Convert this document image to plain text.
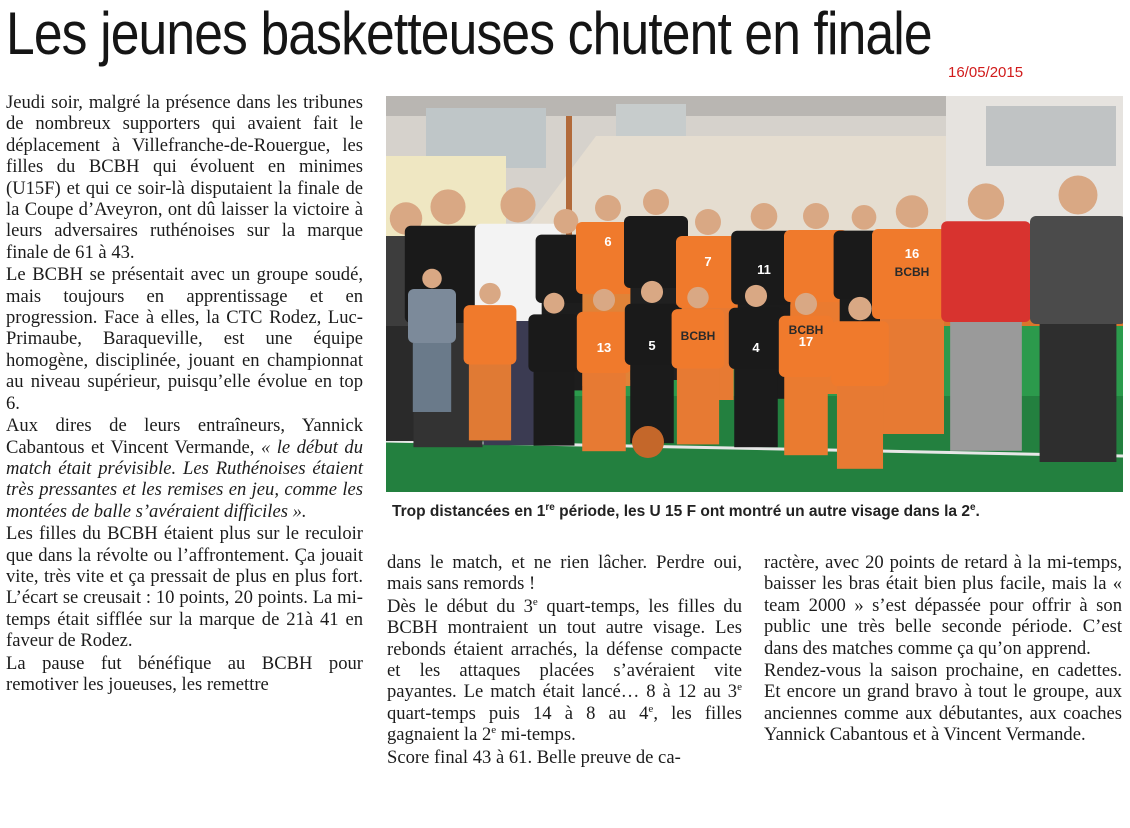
Les jeunes basketteuses chutent en finale
16/05/2015

Jeudi soir, malgré la présence dans les tribunes de nombreux supporters qui avaient fait le déplacement à Villefranche-de-Rouergue, les filles du BCBH qui évoluent en minimes (U15F) et qui ce soir-là disputaient la finale de la Coupe d’Aveyron, ont dû laisser la victoire à leurs adversaires ruthénoises sur la marque finale de 61 à 43.

Le BCBH se présentait avec un groupe soudé, mais toujours en apprentissage et en progression. Face à elles, la CTC Rodez, Luc-Primaube, Baraqueville, est une équipe homogène, disciplinée, jouant en championnat au niveau supérieur, puisqu’elle évolue en top 6.

Aux dires de leurs entraîneurs, Yannick Cabantous et Vincent Vermande, « le début du match était prévisible. Les Ruthénoises étaient très pressantes et les remises en jeu, comme les montées de balle s’avéraient difficiles ».

Les filles du BCBH étaient plus sur le reculoir que dans la révolte ou l’affrontement. Ça jouait vite, très vite et ça pressait de plus en plus fort. L’écart se creusait : 10 points, 20 points. La mi-temps était sifflée sur la marque de 21à 41 en faveur de Rodez.

La pause fut bénéfique au BCBH pour remotiver les joueuses, les remettre

6
7
11
16
13	5	4	17
BCBH	BCBH
BCBH
Trop distancées en 1re période, les U 15 F ont montré un autre visage dans la 2e.

dans le match, et ne rien lâcher. Perdre oui, mais sans remords !

Dès le début du 3e quart-temps, les filles du BCBH montraient un tout autre visage. Les rebonds étaient arrachés, la défense compacte et les attaques placées s’avéraient vite payantes. Le match était lancé… 8 à 12 au 3e quart-temps puis 14 à 8 au 4e, les filles gagnaient la 2e mi-temps.

Score final 43 à 61. Belle preuve de ca-

ractère, avec 20 points de retard à la mi-temps, baisser les bras était bien plus facile, mais la « team 2000 » s’est dépassée pour offrir à son public une très belle seconde période. C’est dans des matches comme ça qu’on apprend.

Rendez-vous la saison prochaine, en cadettes. Et encore un grand bravo à tout le groupe, aux anciennes comme aux débutantes, aux coaches Yannick Cabantous et à Vincent Vermande.
